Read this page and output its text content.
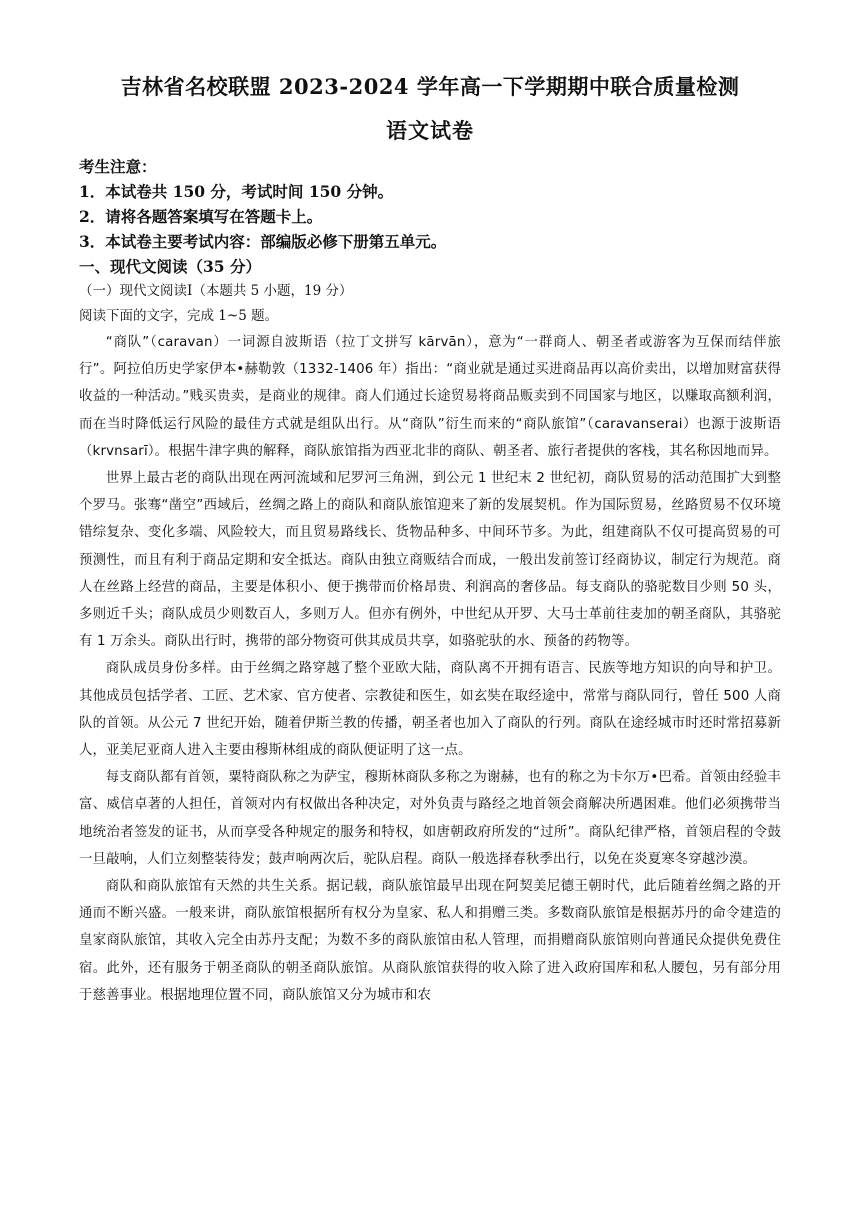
吉林省名校联盟 2023-2024 学年高一下学期期中联合质量检测
语文试卷

考生注意：

1．本试卷共 150 分，考试时间 150 分钟。

2．请将各题答案填写在答题卡上。

3．本试卷主要考试内容：部编版必修下册第五单元。

一、现代文阅读（35 分）

（一）现代文阅读Ⅰ（本题共 5 小题，19 分）

阅读下面的文字，完成 1~5 题。

“商队”（caravan）一词源自波斯语（拉丁文拼写 kārvān），意为“一群商人、朝圣者或游客为互保而结伴旅行”。阿拉伯历史学家伊本•赫勒敦（1332-1406 年）指出：“商业就是通过买进商品再以高价卖出，以增加财富获得收益的一种活动。”贱买贵卖，是商业的规律。商人们通过长途贸易将商品贩卖到不同国家与地区，以赚取高额利润，而在当时降低运行风险的最佳方式就是组队出行。从“商队”衍生而来的“商队旅馆”（caravanserai）也源于波斯语（krvnsarī）。根据牛津字典的解释，商队旅馆指为西亚北非的商队、朝圣者、旅行者提供的客栈，其名称因地而异。

世界上最古老的商队出现在两河流域和尼罗河三角洲，到公元 1 世纪末 2 世纪初，商队贸易的活动范围扩大到整个罗马。张骞“凿空”西域后，丝绸之路上的商队和商队旅馆迎来了新的发展契机。作为国际贸易，丝路贸易不仅环境错综复杂、变化多端、风险较大，而且贸易路线长、货物品种多、中间环节多。为此，组建商队不仅可提高贸易的可预测性，而且有利于商品定期和安全抵达。商队由独立商贩结合而成，一般出发前签订经商协议，制定行为规范。商人在丝路上经营的商品，主要是体积小、便于携带而价格昂贵、利润高的奢侈品。每支商队的骆驼数目少则 50 头，多则近千头；商队成员少则数百人，多则万人。但亦有例外，中世纪从开罗、大马士革前往麦加的朝圣商队，其骆驼有 1 万余头。商队出行时，携带的部分物资可供其成员共享，如骆驼驮的水、预备的药物等。

商队成员身份多样。由于丝绸之路穿越了整个亚欧大陆，商队离不开拥有语言、民族等地方知识的向导和护卫。其他成员包括学者、工匠、艺术家、官方使者、宗教徒和医生，如玄奘在取经途中，常常与商队同行，曾任 500 人商队的首领。从公元 7 世纪开始，随着伊斯兰教的传播，朝圣者也加入了商队的行列。商队在途经城市时还时常招募新人，亚美尼亚商人进入主要由穆斯林组成的商队便证明了这一点。

每支商队都有首领，粟特商队称之为萨宝，穆斯林商队多称之为谢赫，也有的称之为卡尔万•巴希。首领由经验丰富、威信卓著的人担任，首领对内有权做出各种决定，对外负责与路经之地首领会商解决所遇困难。他们必须携带当地统治者签发的证书，从而享受各种规定的服务和特权，如唐朝政府所发的“过所”。商队纪律严格，首领启程的令鼓一旦敲响，人们立刻整装待发；鼓声响两次后，驼队启程。商队一般选择春秋季出行，以免在炎夏寒冬穿越沙漠。

商队和商队旅馆有天然的共生关系。据记载，商队旅馆最早出现在阿契美尼德王朝时代，此后随着丝绸之路的开通而不断兴盛。一般来讲，商队旅馆根据所有权分为皇家、私人和捐赠三类。多数商队旅馆是根据苏丹的命令建造的皇家商队旅馆，其收入完全由苏丹支配；为数不多的商队旅馆由私人管理，而捐赠商队旅馆则向普通民众提供免费住宿。此外，还有服务于朝圣商队的朝圣商队旅馆。从商队旅馆获得的收入除了进入政府国库和私人腰包，另有部分用于慈善事业。根据地理位置不同，商队旅馆又分为城市和农
